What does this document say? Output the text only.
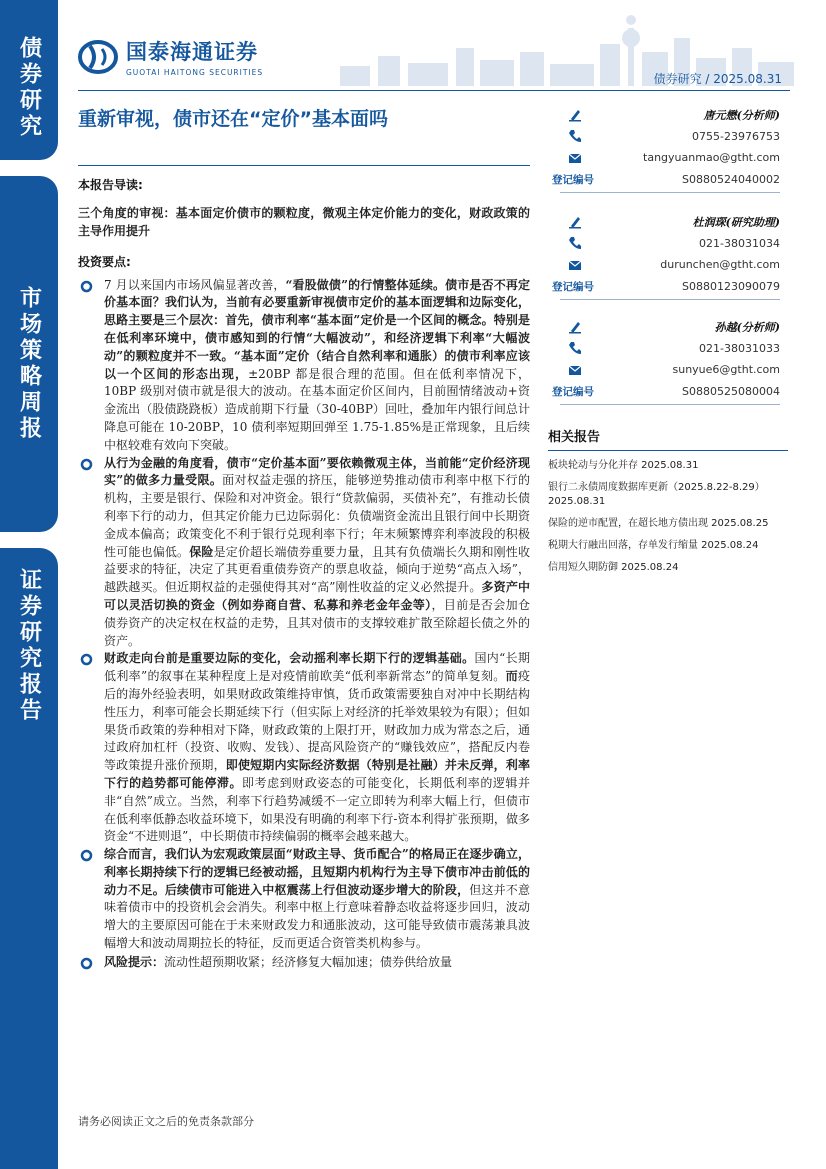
债券研究
市场策略周报
证券研究报告
国泰海通证券
GUOTAI HAITONG SECURITIES	债券研究 / 2025.08.31
重新审视，债市还在“定价”基本面吗
本报告导读:
三个角度的审视：基本面定价债市的颗粒度，微观主体定价能力的变化，财政政策的主导作用提升
投资要点:
7 月以来国内市场风偏显著改善，“看股做债”的行情整体延续。债市是否不再定价基本面？我们认为，当前有必要重新审视债市定价的基本面逻辑和边际变化，思路主要是三个层次：首先，债市利率“基本面”定价是一个区间的概念。特别是在低利率环境中，债市感知到的行情“大幅波动”，和经济逻辑下利率“大幅波动”的颗粒度并不一致。“基本面”定价（结合自然利率和通胀）的债市利率应该以一个区间的形态出现，±20BP 都是很合理的范围。但在低利率情况下，10BP 级别对债市就是很大的波动。在基本面定价区间内，目前囿情绪波动+资金流出（股债跷跷板）造成前期下行量（30-40BP）回吐，叠加年内银行间总计降息可能在 10-20BP，10 债利率短期回弹至 1.75-1.85%是正常现象，且后续中枢较难有效向下突破。
从行为金融的角度看，债市“定价基本面”要依赖微观主体，当前能“定价经济现实”的做多力量受限。面对权益走强的挤压，能够逆势推动债市利率中枢下行的机构，主要是银行、保险和对冲资金。银行“贷款偏弱，买债补充”，有推动长债利率下行的动力，但其定价能力已边际弱化：负债端资金流出且银行间中长期资金成本偏高；政策变化不利于银行兑现利率下行；年末频繁博弈利率波段的积极性可能也偏低。保险是定价超长端债券重要力量，且其有负债端长久期和刚性收益要求的特征，决定了其更看重债券资产的票息收益，倾向于逆势“高点入场”，越跌越买。但近期权益的走强使得其对“高”刚性收益的定义必然提升。多资产中可以灵活切换的资金（例如券商自营、私募和养老金年金等），目前是否会加仓债券资产的决定权在权益的走势，且其对债市的支撑较难扩散至除超长债之外的资产。
财政走向台前是重要边际的变化，会动摇利率长期下行的逻辑基础。国内“长期低利率”的叙事在某种程度上是对疫情前欧美“低利率新常态”的简单复刻。而疫后的海外经验表明，如果财政政策维持审慎，货币政策需要独自对冲中长期结构性压力，利率可能会长期延续下行（但实际上对经济的托举效果较为有限）；但如果货币政策的券种相对下降，财政政策的上限打开，财政加力成为常态之后，通过政府加杠杆（投资、收购、发钱）、提高风险资产的“赚钱效应”，搭配反内卷等政策提升涨价预期，即使短期内实际经济数据（特别是社融）并未反弹，利率下行的趋势都可能停滞。即考虑到财政姿态的可能变化，长期低利率的逻辑并非“自然”成立。当然，利率下行趋势减缓不一定立即转为利率大幅上行，但债市在低利率低静态收益环境下，如果没有明确的利率下行-资本利得扩张预期，做多资金“不进则退”，中长期债市持续偏弱的概率会越来越大。
综合而言，我们认为宏观政策层面“财政主导、货币配合”的格局正在逐步确立，利率长期持续下行的逻辑已经被动摇，且短期内机构行为主导下债市冲击前低的动力不足。后续债市可能进入中枢震荡上行但波动逐步增大的阶段，但这并不意味着债市中的投资机会会消失。利率中枢上行意味着静态收益将逐步回归，波动增大的主要原因可能在于未来财政发力和通胀波动，这可能导致债市震荡兼具波幅增大和波动周期拉长的特征，反而更适合资管类机构参与。
风险提示：流动性超预期收紧；经济修复大幅加速；债券供给放量
请务必阅读正文之后的免责条款部分
唐元懋(分析师)
0755-23976753
tangyuanmao@gtht.com
登记编号	S0880524040002
杜润琛(研究助理)
021-38031034
durunchen@gtht.com
登记编号	S0880123090079
孙越(分析师)
021-38031033
sunyue6@gtht.com
登记编号	S0880525080004
相关报告
板块轮动与分化并存 2025.08.31
银行二永债周度数据库更新（2025.8.22-8.29）2025.08.31
保险的逆市配置，在超长地方债出现 2025.08.25
税期大行融出回落，存单发行缩量 2025.08.24
信用短久期防御 2025.08.24
